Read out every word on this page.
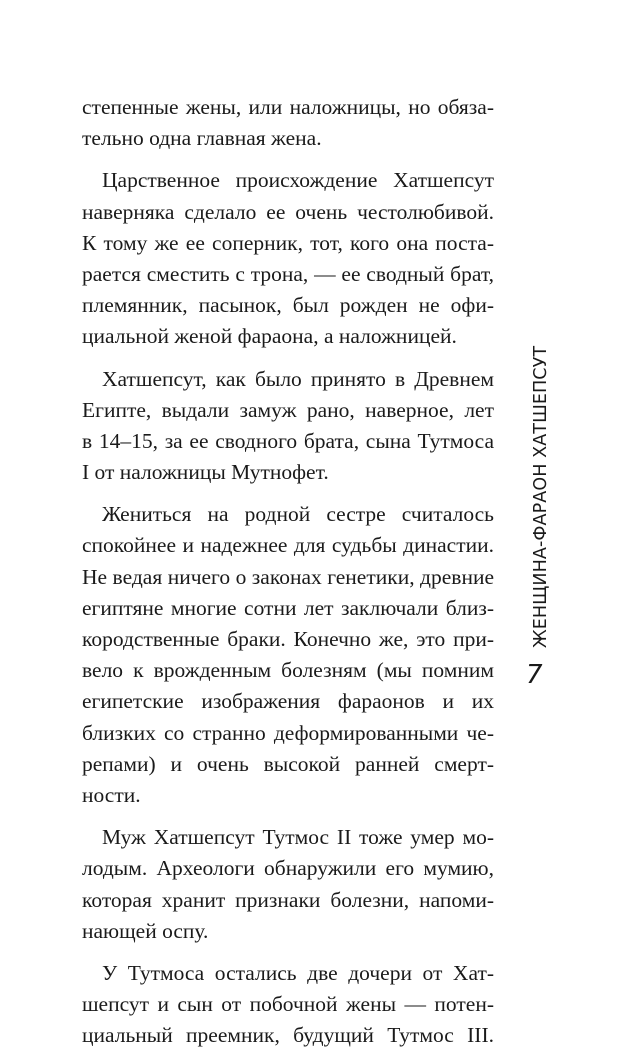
степенные жены, или наложницы, но обяза-
тельно одна главная жена.
Царственное происхождение Хатшепсут
наверняка сделало ее очень честолюбивой.
К тому же ее соперник, тот, кого она поста-
рается сместить с трона, — ее сводный брат,
племянник, пасынок, был рожден не офи-
циальной женой фараона, а наложницей.
Хатшепсут, как было принято в Древнем
Египте, выдали замуж рано, наверное, лет
в 14–15, за ее сводного брата, сына Тутмоса
I от наложницы Мутнофет.
Жениться на родной сестре считалось
спокойнее и надежнее для судьбы династии.
Не ведая ничего о законах генетики, древние
египтяне многие сотни лет заключали близ-
кородственные браки. Конечно же, это при-
вело к врожденным болезням (мы помним
египетские изображения фараонов и их
близких со странно деформированными че-
репами) и очень высокой ранней смерт-
ности.
Муж Хатшепсут Тутмос II тоже умер мо-
лодым. Археологи обнаружили его мумию,
которая хранит признаки болезни, напоми-
нающей оспу.
У Тутмоса остались две дочери от Хат-
шепсут и сын от побочной жены — потен-
циальный преемник, будущий Тутмос III.
ЖЕНЩИНА-ФАРАОН ХАТШЕПСУТ
7
